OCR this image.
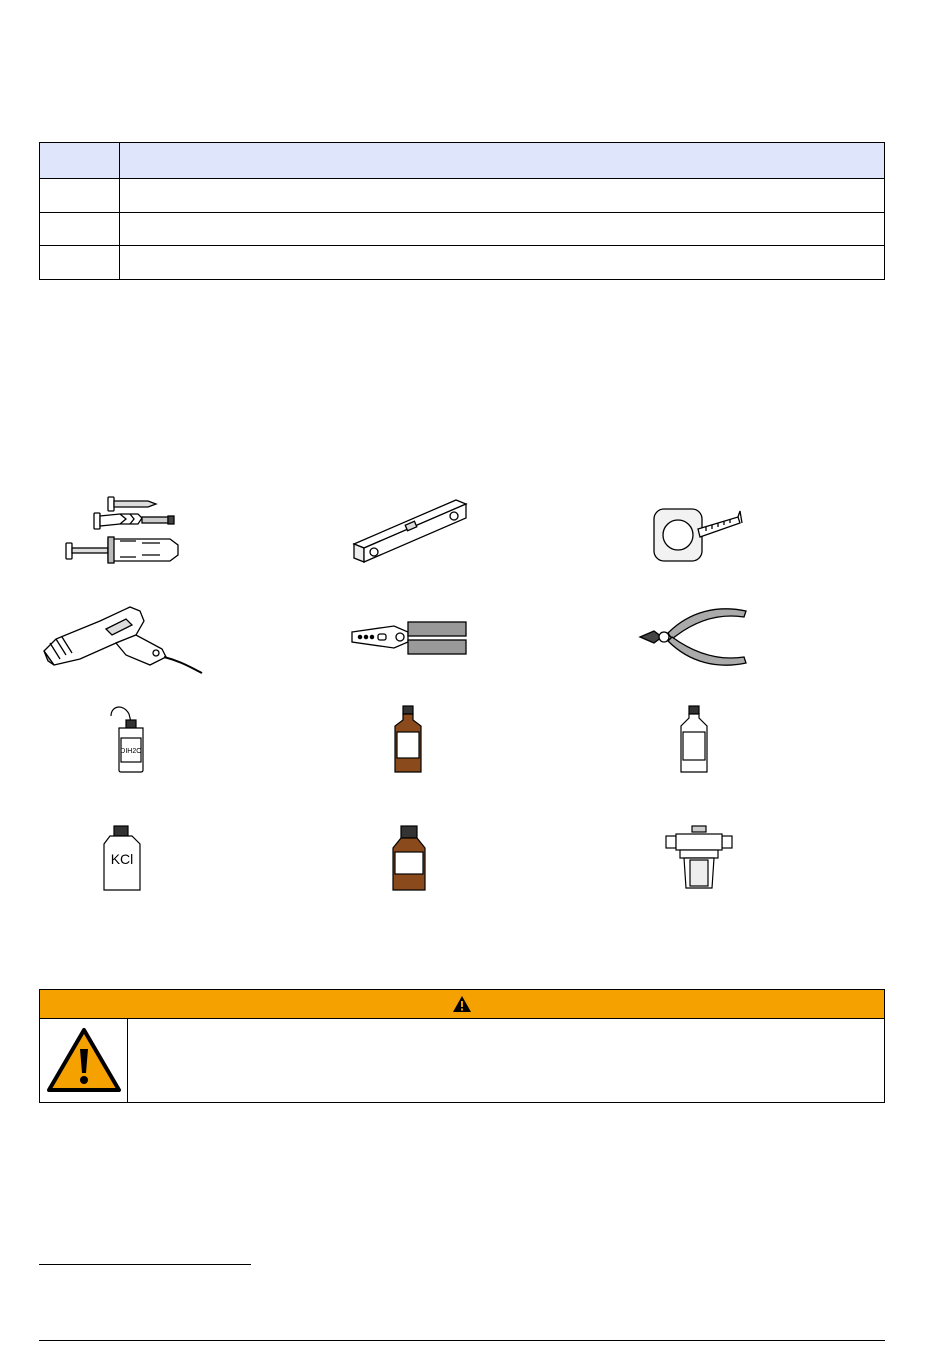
DIH2O
KCl
